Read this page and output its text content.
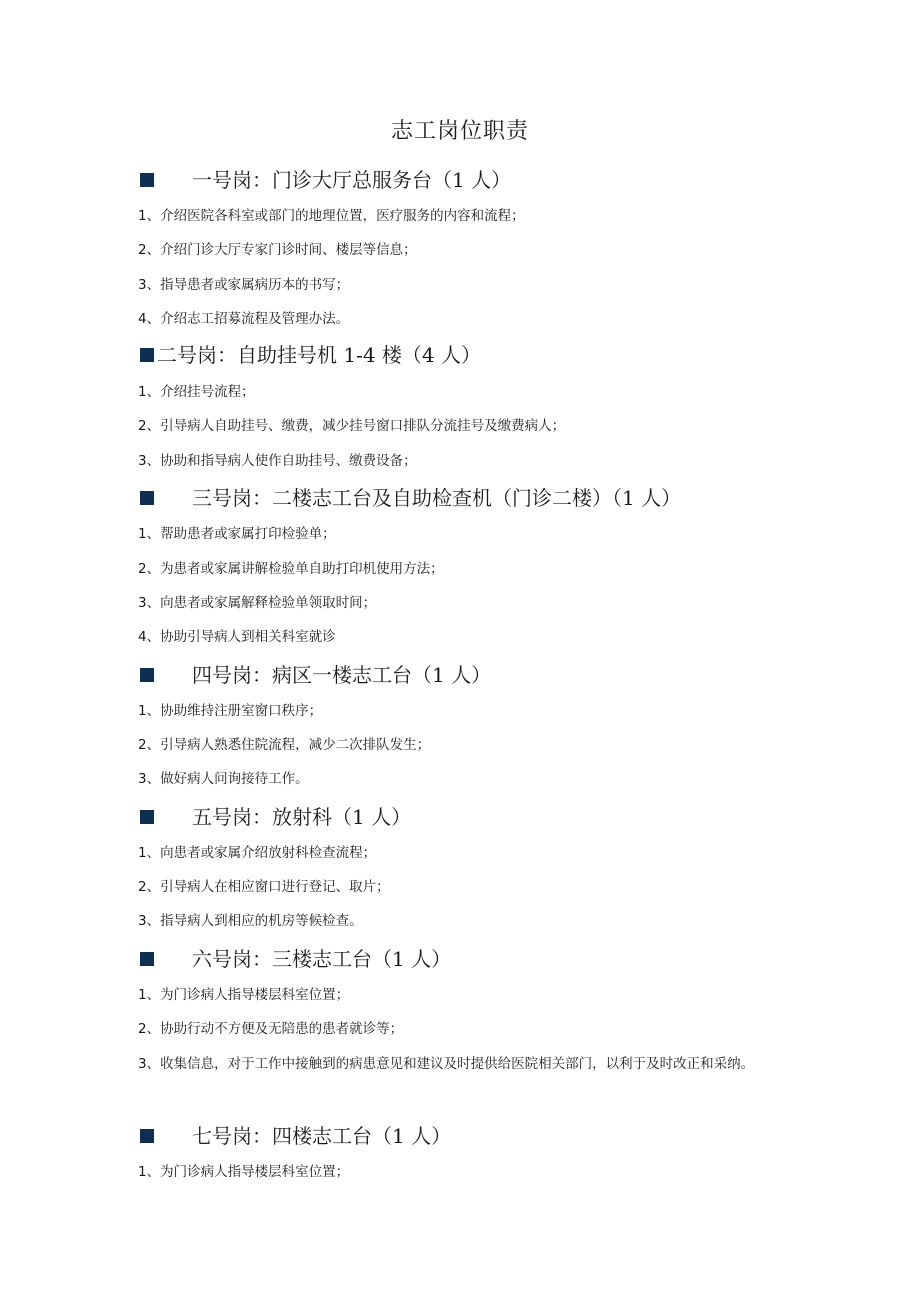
志工岗位职责
一号岗：门诊大厅总服务台（1 人）
1、介绍医院各科室或部门的地理位置，医疗服务的内容和流程；
2、介绍门诊大厅专家门诊时间、楼层等信息；
3、指导患者或家属病历本的书写；
4、介绍志工招募流程及管理办法。
二号岗：自助挂号机 1-4 楼（4 人）
1、介绍挂号流程；
2、引导病人自助挂号、缴费，减少挂号窗口排队分流挂号及缴费病人；
3、协助和指导病人使作自助挂号、缴费设备；
三号岗：二楼志工台及自助检查机（门诊二楼）（1 人）
1、帮助患者或家属打印检验单；
2、为患者或家属讲解检验单自助打印机使用方法；
3、向患者或家属解释检验单领取时间；
4、协助引导病人到相关科室就诊
四号岗：病区一楼志工台（1 人）
1、协助维持注册室窗口秩序；
2、引导病人熟悉住院流程，减少二次排队发生；
3、做好病人问询接待工作。
五号岗：放射科（1 人）
1、向患者或家属介绍放射科检查流程；
2、引导病人在相应窗口进行登记、取片；
3、指导病人到相应的机房等候检查。
六号岗：三楼志工台（1 人）
1、为门诊病人指导楼层科室位置；
2、协助行动不方便及无陪患的患者就诊等；
3、收集信息，对于工作中接触到的病患意见和建议及时提供给医院相关部门，以利于及时改正和采纳。
七号岗：四楼志工台（1 人）
1、为门诊病人指导楼层科室位置；
